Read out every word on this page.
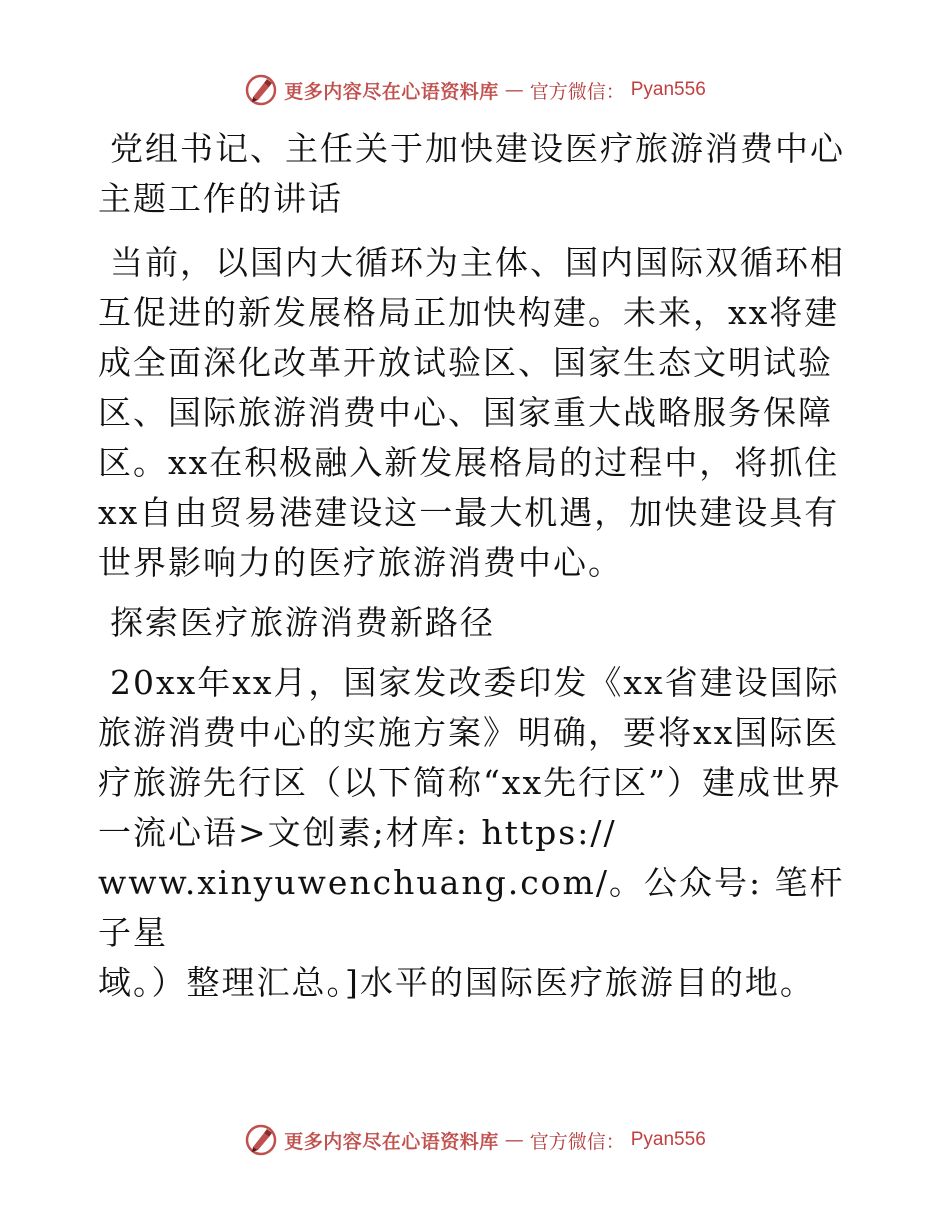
更多内容尽在心语资料库 — 官方微信： Pyan556

党组书记、主任关于加快建设医疗旅游消费中心主题工作的讲话

当前，以国内大循环为主体、国内国际双循环相互促进的新发展格局正加快构建。未来，xx将建成全面深化改革开放试验区、国家生态文明试验区、国际旅游消费中心、国家重大战略服务保障区。xx在积极融入新发展格局的过程中，将抓住xx自由贸易港建设这一最大机遇，加快建设具有世界影响力的医疗旅游消费中心。

探索医疗旅游消费新路径

20xx年xx月，国家发改委印发《xx省建设国际旅游消费中心的实施方案》明确，要将xx国际医疗旅游先行区（以下简称“xx先行区”）建成世界一流心语>文创素;材库: https://

www.xinyuwenchuang.com/。公众号: 笔杆子星

域。）整理汇总。]水平的国际医疗旅游目的地。

更多内容尽在心语资料库 — 官方微信： Pyan556
